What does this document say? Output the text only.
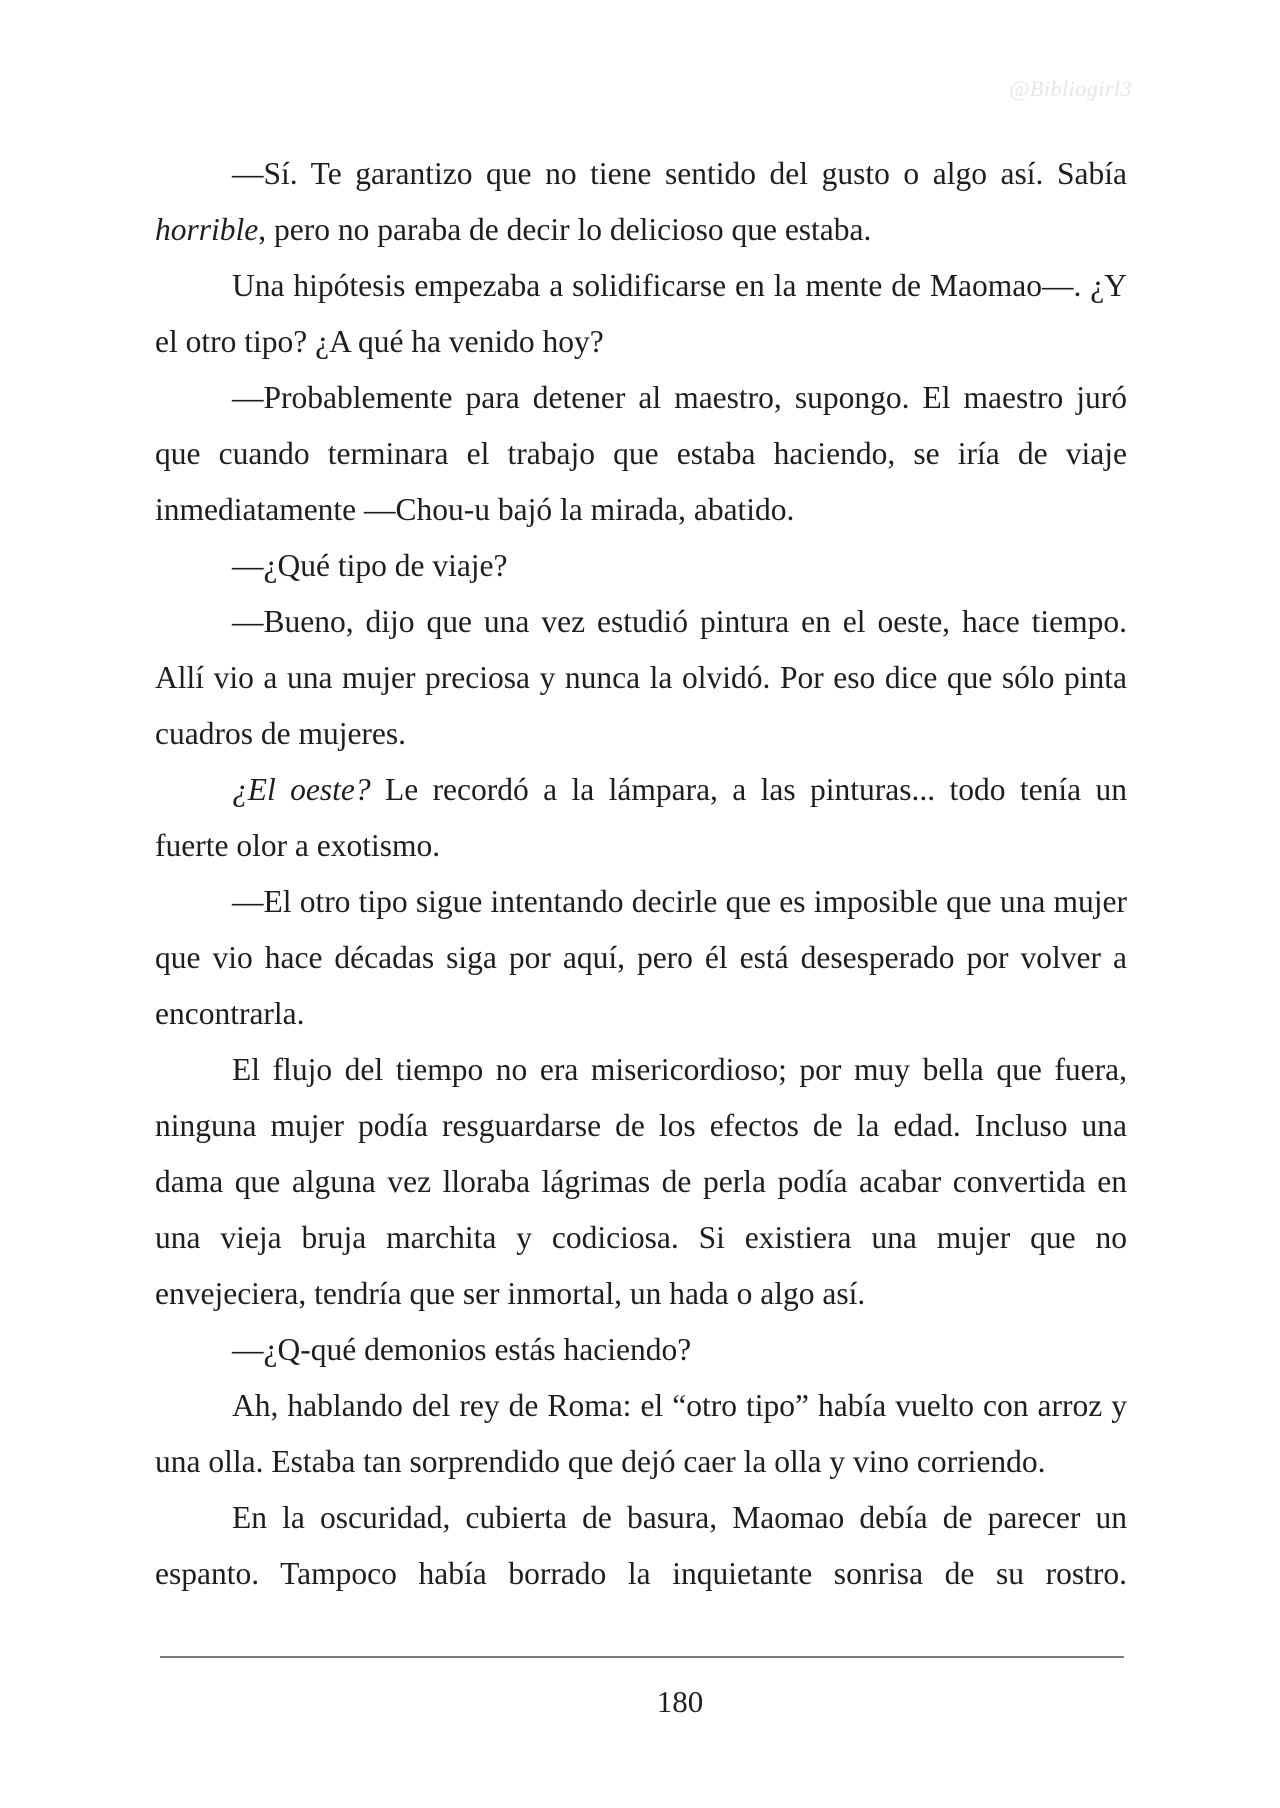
@Bibliogirl3

—Sí. Te garantizo que no tiene sentido del gusto o algo así. Sabía horrible, pero no paraba de decir lo delicioso que estaba.

Una hipótesis empezaba a solidificarse en la mente de Maomao—. ¿Y el otro tipo? ¿A qué ha venido hoy?

—Probablemente para detener al maestro, supongo. El maestro juró que cuando terminara el trabajo que estaba haciendo, se iría de viaje inmediatamente —Chou-u bajó la mirada, abatido.

—¿Qué tipo de viaje?

—Bueno, dijo que una vez estudió pintura en el oeste, hace tiempo. Allí vio a una mujer preciosa y nunca la olvidó. Por eso dice que sólo pinta cuadros de mujeres.

¿El oeste? Le recordó a la lámpara, a las pinturas... todo tenía un fuerte olor a exotismo.

—El otro tipo sigue intentando decirle que es imposible que una mujer que vio hace décadas siga por aquí, pero él está desesperado por volver a encontrarla.

El flujo del tiempo no era misericordioso; por muy bella que fuera, ninguna mujer podía resguardarse de los efectos de la edad. Incluso una dama que alguna vez lloraba lágrimas de perla podía acabar convertida en una vieja bruja marchita y codiciosa. Si existiera una mujer que no envejeciera, tendría que ser inmortal, un hada o algo así.

—¿Q-qué demonios estás haciendo?

Ah, hablando del rey de Roma: el “otro tipo” había vuelto con arroz y una olla. Estaba tan sorprendido que dejó caer la olla y vino corriendo.

En la oscuridad, cubierta de basura, Maomao debía de parecer un espanto. Tampoco había borrado la inquietante sonrisa de su rostro.

180
